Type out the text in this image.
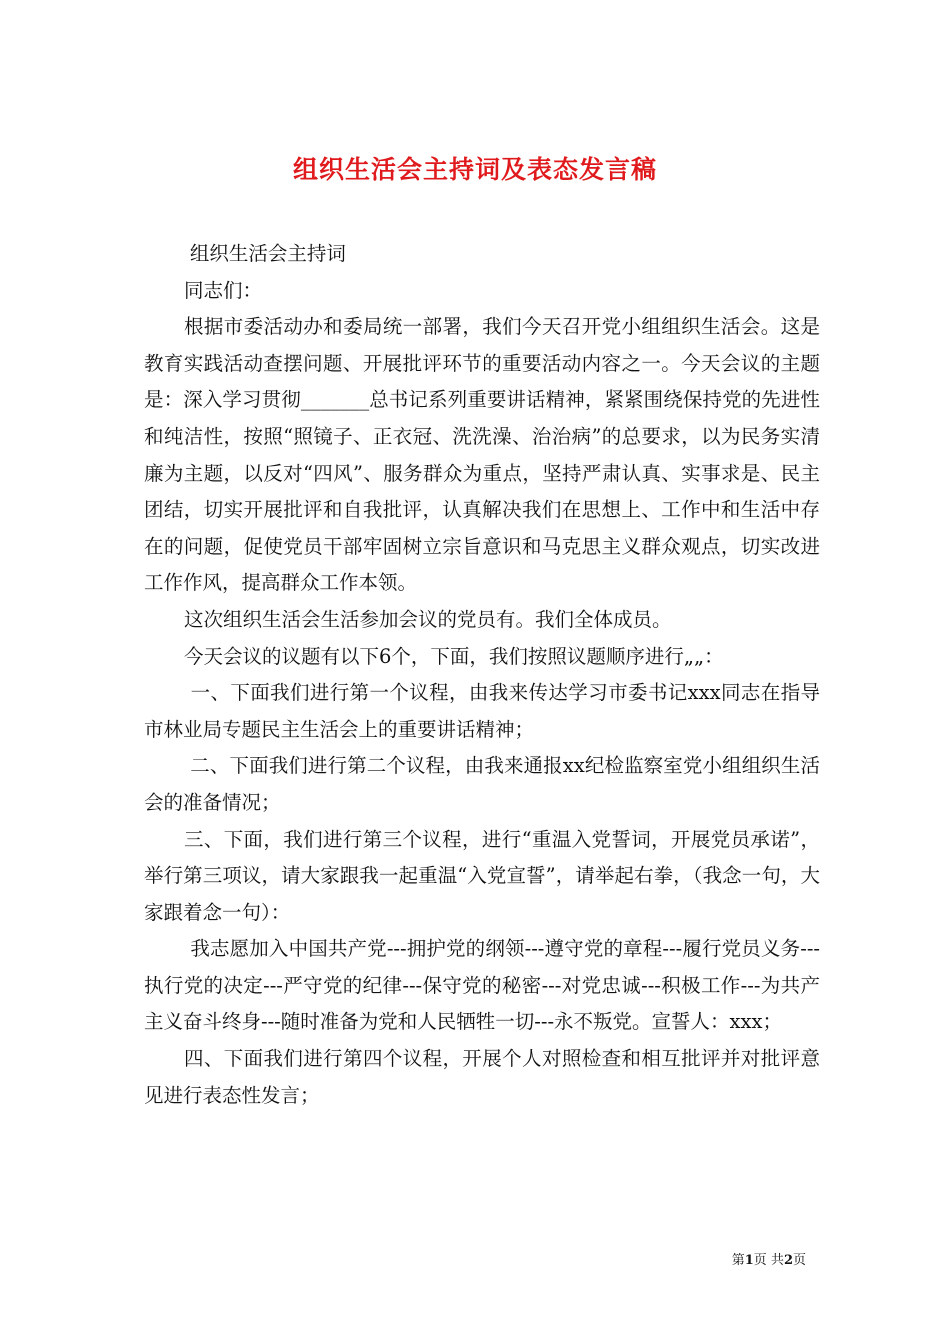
组织生活会主持词及表态发言稿

组织生活会主持词

同志们：

根据市委活动办和委局统一部署，我们今天召开党小组组织生活会。这是教育实践活动查摆问题、开展批评环节的重要活动内容之一。今天会议的主题是：深入学习贯彻_______总书记系列重要讲话精神，紧紧围绕保持党的先进性和纯洁性，按照“照镜子、正衣冠、洗洗澡、治治病”的总要求，以为民务实清廉为主题，以反对“四风”、服务群众为重点，坚持严肃认真、实事求是、民主团结，切实开展批评和自我批评，认真解决我们在思想上、工作中和生活中存在的问题，促使党员干部牢固树立宗旨意识和马克思主义群众观点，切实改进工作作风，提高群众工作本领。

这次组织生活会生活参加会议的党员有。我们全体成员。

今天会议的议题有以下6个，下面，我们按照议题顺序进行„„：

一、下面我们进行第一个议程，由我来传达学习市委书记xxx同志在指导市林业局专题民主生活会上的重要讲话精神；

二、下面我们进行第二个议程，由我来通报xx纪检监察室党小组组织生活会的准备情况；

三、下面，我们进行第三个议程，进行“重温入党誓词，开展党员承诺”，举行第三项议，请大家跟我一起重温“入党宣誓”，请举起右拳，（我念一句，大家跟着念一句）：

我志愿加入中国共产党---拥护党的纲领---遵守党的章程---履行党员义务---执行党的决定---严守党的纪律---保守党的秘密---对党忠诚---积极工作---为共产主义奋斗终身---随时准备为党和人民牺牲一切---永不叛党。宣誓人：xxx；

四、下面我们进行第四个议程，开展个人对照检查和相互批评并对批评意见进行表态性发言；

第1页 共2页
